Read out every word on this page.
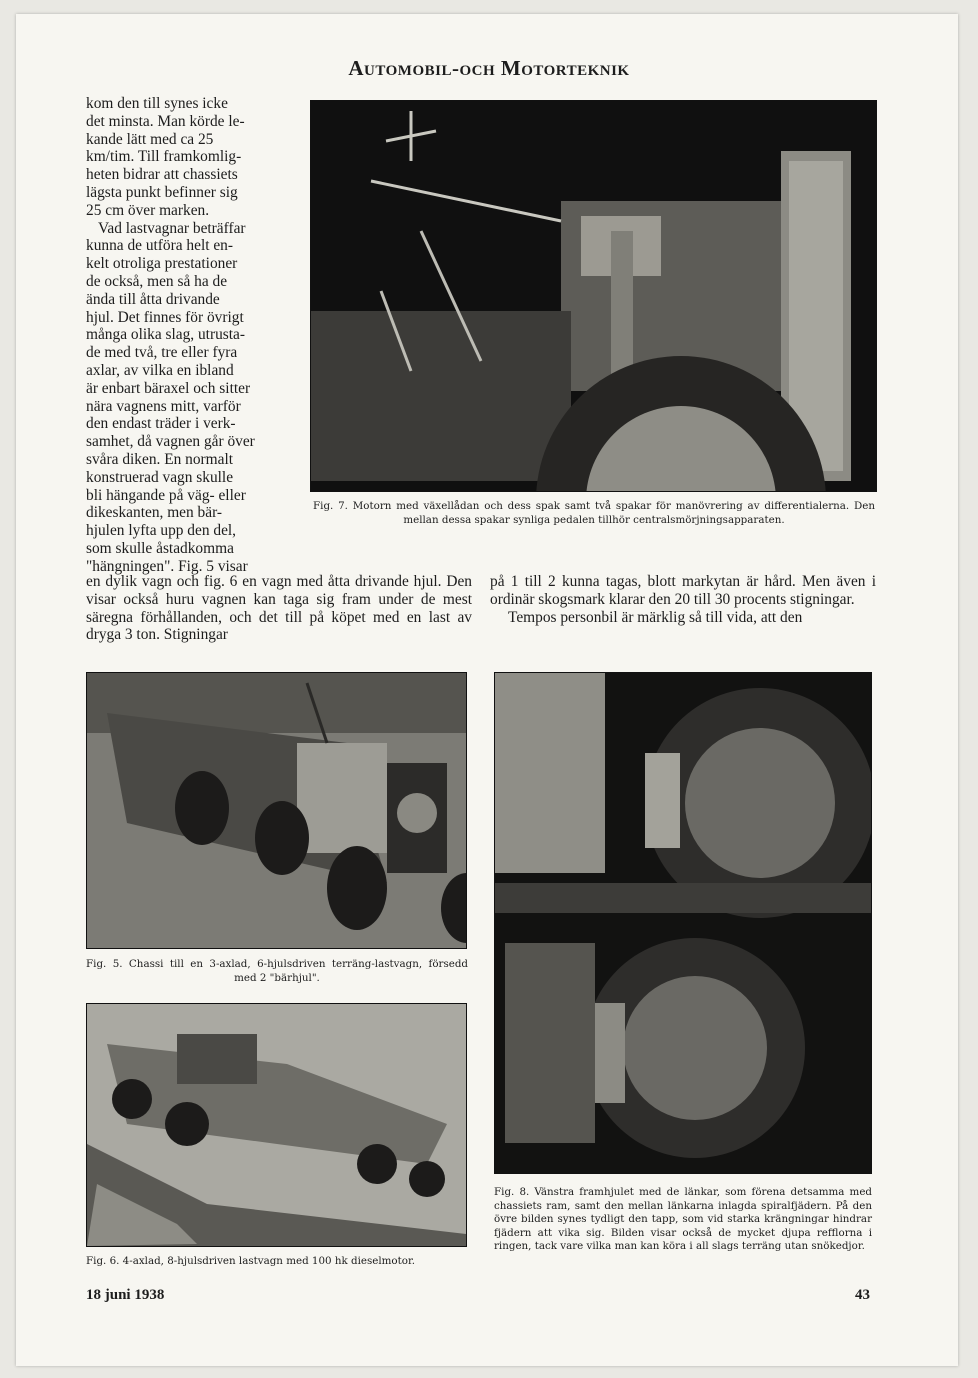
Automobil-och Motorteknik
kom den till synes icke
det minsta. Man körde le-
kande lätt med ca 25
km/tim. Till framkomlig-
heten bidrar att chassiets
lägsta punkt befinner sig
25 cm över marken.
Vad lastvagnar beträffar
kunna de utföra helt en-
kelt otroliga prestationer
de också, men så ha de
ända till åtta drivande
hjul. Det finnes för övrigt
många olika slag, utrusta-
de med två, tre eller fyra
axlar, av vilka en ibland
är enbart bäraxel och sitter
nära vagnens mitt, varför
den endast träder i verk-
samhet, då vagnen går över
svåra diken. En normalt
konstruerad vagn skulle
bli hängande på väg- eller
dikeskanten, men bär-
hjulen lyfta upp den del,
som skulle åstadkomma
"hängningen". Fig. 5 visar
Fig. 7. Motorn med växellådan och dess spak samt två spakar för manövrering av differentialerna. Den mellan dessa spakar synliga pedalen tillhör centralsmörjningsapparaten.
en dylik vagn och fig. 6 en vagn med åtta drivande hjul. Den visar också huru vagnen kan taga sig fram under de mest säregna förhållanden, och det till på köpet med en last av dryga 3 ton. Stigningar

på 1 till 2 kunna tagas, blott markytan är hård. Men även i ordinär skogsmark klarar den 20 till 30 procents stigningar.

Tempos personbil är märklig så till vida, att den

Fig. 5. Chassi till en 3-axlad, 6-hjulsdriven terräng-lastvagn, försedd med 2 "bärhjul".
Fig. 6. 4-axlad, 8-hjulsdriven lastvagn med 100 hk dieselmotor.
Fig. 8. Vänstra framhjulet med de länkar, som förena detsamma med chassiets ram, samt den mellan länkarna inlagda spiralfjädern. På den övre bilden synes tydligt den tapp, som vid starka krängningar hindrar fjädern att vika sig. Bilden visar också de mycket djupa refflorna i ringen, tack vare vilka man kan köra i all slags terräng utan snökedjor.
18 juni 1938	43
